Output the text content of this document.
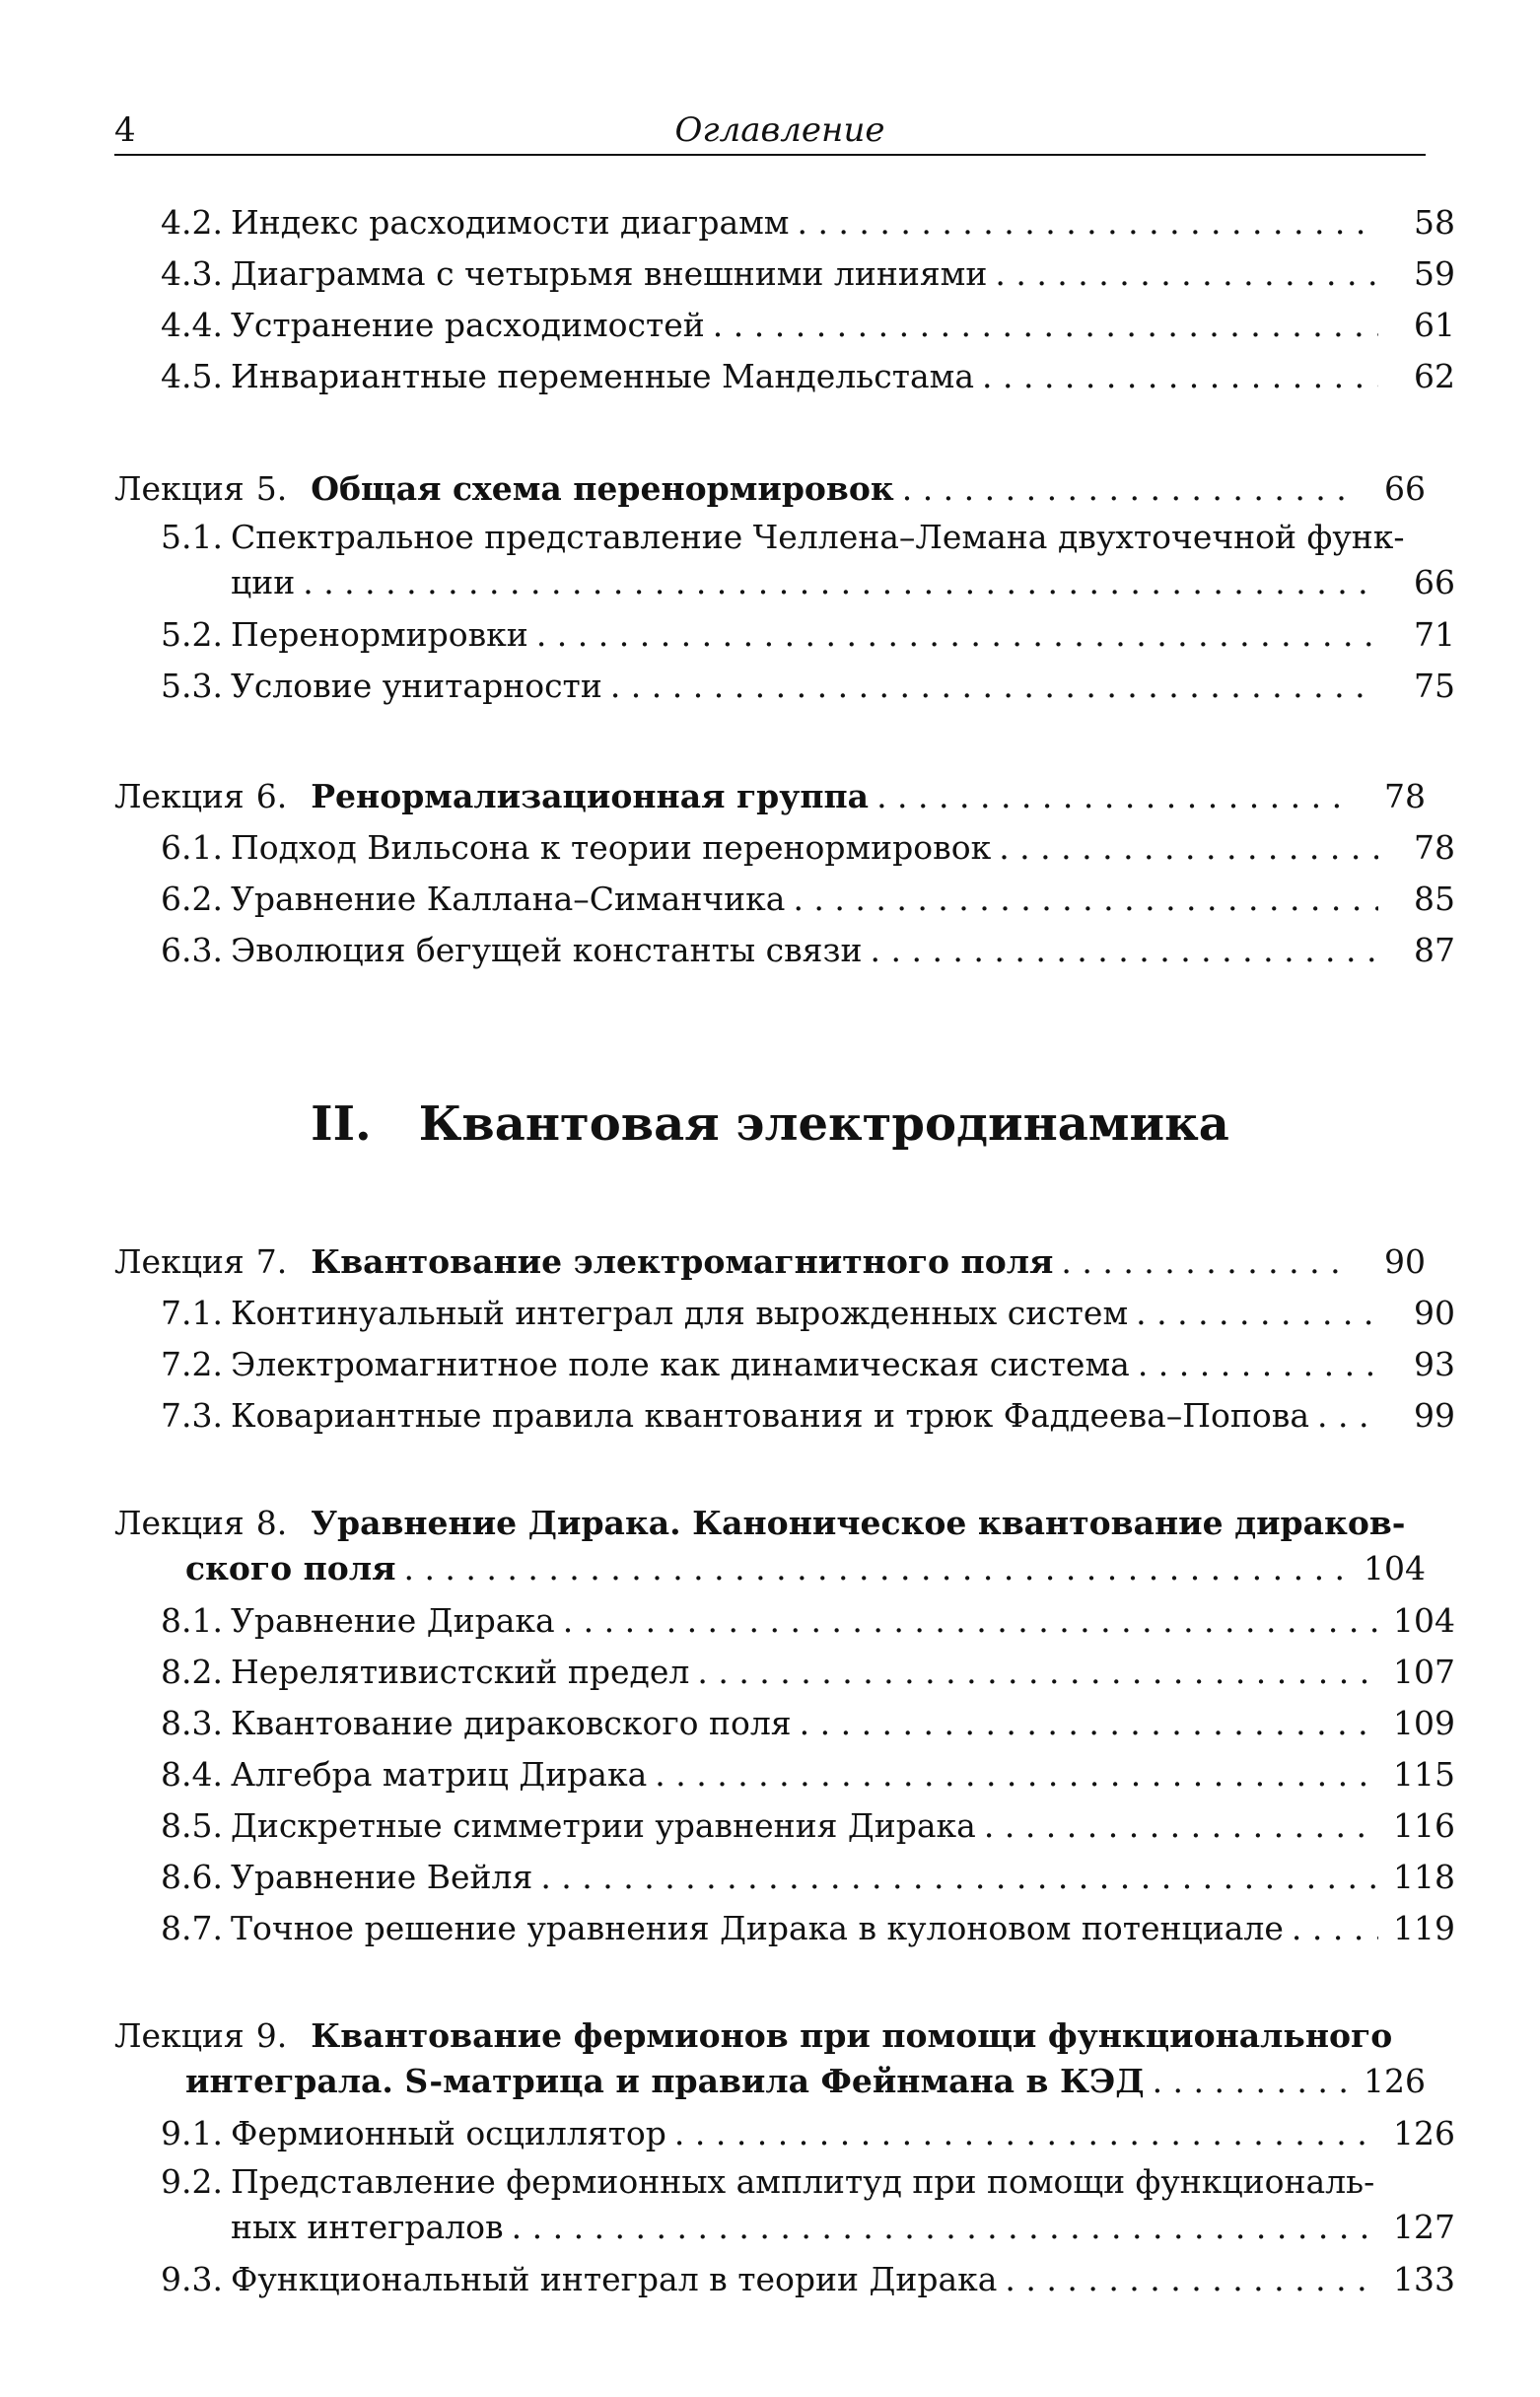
4	Оглавление
4.2. Индекс расходимости диаграмм . . .	58
4.3. Диаграмма с четырьмя внешними линиями . . .	59
4.4. Устранение расходимостей . . .	61
4.5. Инвариантные переменные Мандельстама . . .	62
Лекция 5. Общая схема перенормировок . . .	66
5.1. Спектральное представление Челлена–Лемана двухточечной функ-
ции . . .	66
5.2. Перенормировки . . .	71
5.3. Условие унитарности . . .	75
Лекция 6. Ренормализационная группа . . .	78
6.1. Подход Вильсона к теории перенормировок . . .	78
6.2. Уравнение Каллана–Симанчика . . .	85
6.3. Эволюция бегущей константы связи . . .	87
II. Квантовая электродинамика
Лекция 7. Квантование электромагнитного поля . . .	90
7.1. Континуальный интеграл для вырожденных систем . . .	90
7.2. Электромагнитное поле как динамическая система . . .	93
7.3. Ковариантные правила квантования и трюк Фаддеева–Попова . . .	99
Лекция 8. Уравнение Дирака. Каноническое квантование дираков-
ского поля . . .	104
8.1. Уравнение Дирака . . .	104
8.2. Нерелятивистский предел . . .	107
8.3. Квантование дираковского поля . . .	109
8.4. Алгебра матриц Дирака . . .	115
8.5. Дискретные симметрии уравнения Дирака . . .	116
8.6. Уравнение Вейля . . .	118
8.7. Точное решение уравнения Дирака в кулоновом потенциале . . .	119
Лекция 9. Квантование фермионов при помощи функционального
интеграла. S-матрица и правила Фейнмана в КЭД . . .	126
9.1. Фермионный осциллятор . . .	126
9.2. Представление фермионных амплитуд при помощи функциональ-
ных интегралов . . .	127
9.3. Функциональный интеграл в теории Дирака . . .	133
